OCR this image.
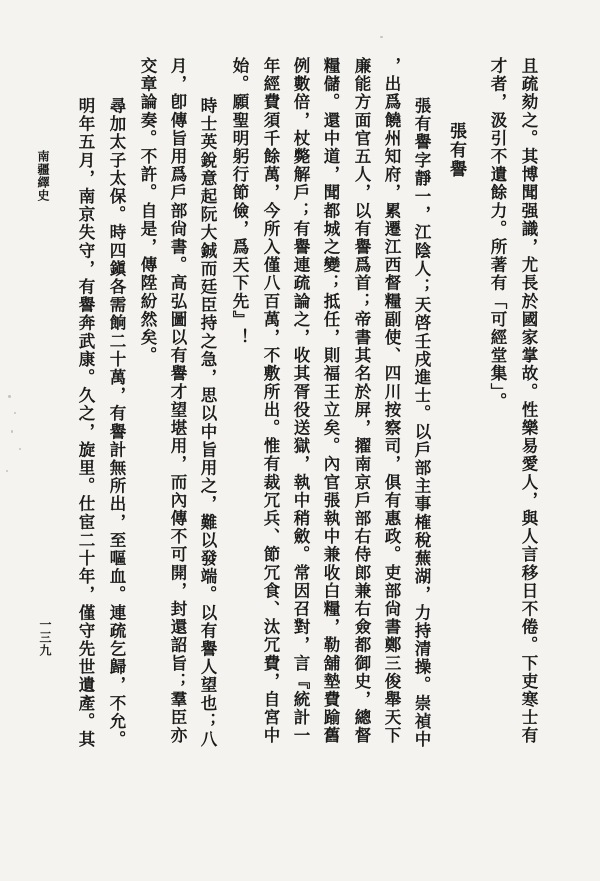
且疏劾之。其博聞强識，尤長於國家掌故。性樂易愛人，與人言移日不倦。下吏寒士有
才者，汲引不遺餘力。所著有「可經堂集」。
張有譽
張有譽字靜一，江陰人；天啓壬戌進士。以戶部主事榷稅蕪湖，力持清操。崇禎中
，出爲饒州知府，累遷江西督糧副使、四川按察司，俱有惠政。吏部尙書鄭三俊舉天下
廉能方面官五人，以有譽爲首；帝書其名於屏，擢南京戶部右侍郎兼右僉都御史，總督
糧儲。還中道，聞都城之變；抵任，則福王立矣。內官張執中兼收白糧，勒舖墊費踰舊
例數倍，杖斃解戶；有譽連疏論之，收其胥役送獄，執中稍斂。常因召對，言『統計一
年經費須千餘萬，今所入僅八百萬，不敷所出。惟有裁冗兵、節冗食、汰冗費，自宮中
始。願聖明躬行節儉，爲天下先』！
時士英銳意起阮大鋮而廷臣持之急，思以中旨用之，難以發端。以有譽人望也；八
月，卽傳旨用爲戶部尙書。高弘圖以有譽才望堪用，而內傳不可開，封還詔旨；羣臣亦
交章論奏。不許。自是，傳陞紛然矣。
尋加太子太保。時四鎭各需餉二十萬，有譽計無所出，至嘔血。連疏乞歸，不允。
明年五月，南京失守，有譽奔武康。久之，旋里。仕宦二十年，僅守先世遺產。其
南疆繹史
一三九
